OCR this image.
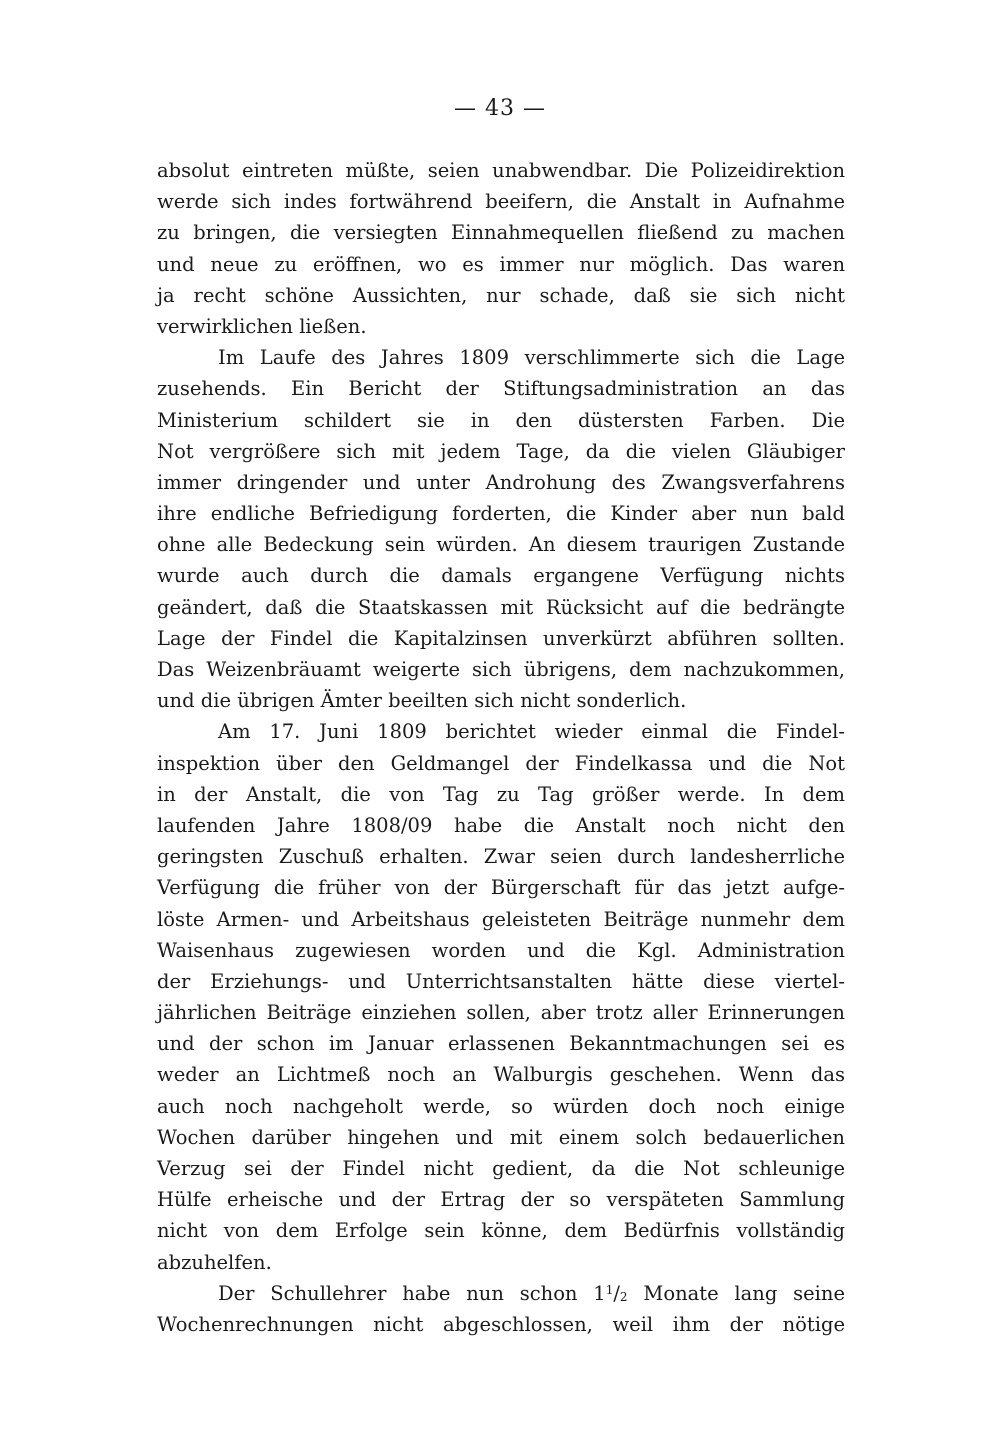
— 43 —
absolut eintreten müßte, seien unabwendbar. Die Polizeidirektion
werde sich indes fortwährend beeifern, die Anstalt in Aufnahme
zu bringen, die versiegten Einnahmequellen fließend zu machen
und neue zu eröffnen, wo es immer nur möglich. Das waren
ja recht schöne Aussichten, nur schade, daß sie sich nicht
verwirklichen ließen.
Im Laufe des Jahres 1809 verschlimmerte sich die Lage
zusehends. Ein Bericht der Stiftungsadministration an das
Ministerium schildert sie in den düstersten Farben. Die
Not vergrößere sich mit jedem Tage, da die vielen Gläubiger
immer dringender und unter Androhung des Zwangsverfahrens
ihre endliche Befriedigung forderten, die Kinder aber nun bald
ohne alle Bedeckung sein würden. An diesem traurigen Zustande
wurde auch durch die damals ergangene Verfügung nichts
geändert, daß die Staatskassen mit Rücksicht auf die bedrängte
Lage der Findel die Kapitalzinsen unverkürzt abführen sollten.
Das Weizenbräuamt weigerte sich übrigens, dem nachzukommen,
und die übrigen Ämter beeilten sich nicht sonderlich.
Am 17. Juni 1809 berichtet wieder einmal die Findel-
inspektion über den Geldmangel der Findelkassa und die Not
in der Anstalt, die von Tag zu Tag größer werde. In dem
laufenden Jahre 1808/09 habe die Anstalt noch nicht den
geringsten Zuschuß erhalten. Zwar seien durch landesherrliche
Verfügung die früher von der Bürgerschaft für das jetzt aufge-
löste Armen- und Arbeitshaus geleisteten Beiträge nunmehr dem
Waisenhaus zugewiesen worden und die Kgl. Administration
der Erziehungs- und Unterrichtsanstalten hätte diese viertel-
jährlichen Beiträge einziehen sollen, aber trotz aller Erinnerungen
und der schon im Januar erlassenen Bekanntmachungen sei es
weder an Lichtmeß noch an Walburgis geschehen. Wenn das
auch noch nachgeholt werde, so würden doch noch einige
Wochen darüber hingehen und mit einem solch bedauerlichen
Verzug sei der Findel nicht gedient, da die Not schleunige
Hülfe erheische und der Ertrag der so verspäteten Sammlung
nicht von dem Erfolge sein könne, dem Bedürfnis vollständig
abzuhelfen.
Der Schullehrer habe nun schon $1^1/_2$ Monate lang seine
Wochenrechnungen nicht abgeschlossen, weil ihm der nötige
